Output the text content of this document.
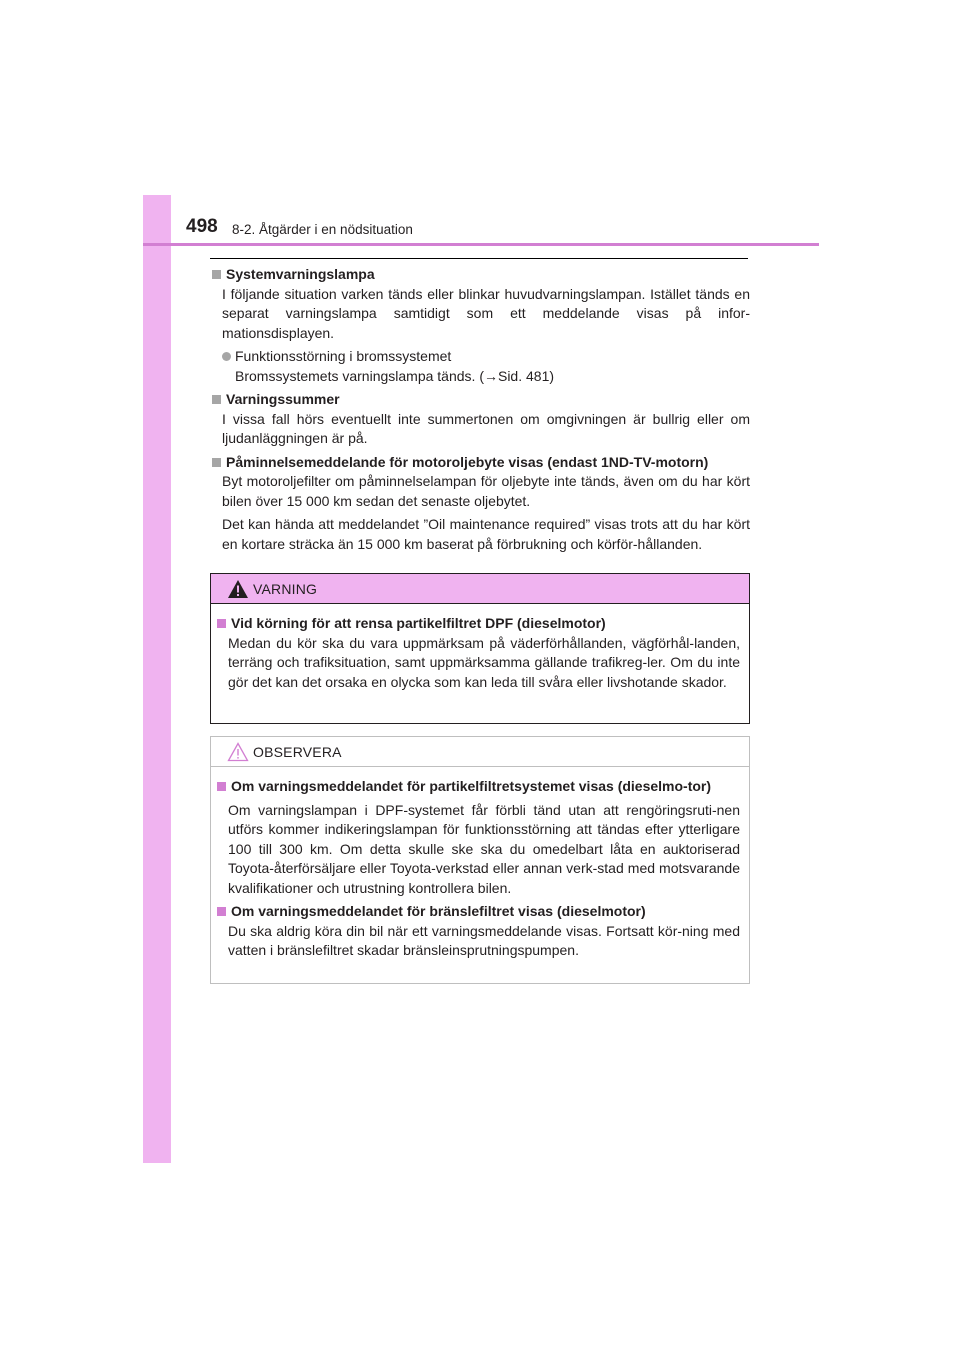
498 8-2. Åtgärder i en nödsituation
Systemvarningslampa

I följande situation varken tänds eller blinkar huvudvarningslampan. Istället tänds en separat varningslampa samtidigt som ett meddelande visas på infor-mationsdisplayen.

Funktionsstörning i bromssystemet

Bromssystemets varningslampa tänds. (→Sid. 481)

Varningssummer

I vissa fall hörs eventuellt inte summertonen om omgivningen är bullrig eller om ljudanläggningen är på.

Påminnelsemeddelande för motoroljebyte visas (endast 1ND-TV-motorn)

Byt motoroljefilter om påminnelselampan för oljebyte inte tänds, även om du har kört bilen över 15 000 km sedan det senaste oljebytet.

Det kan hända att meddelandet ”Oil maintenance required” visas trots att du har kört en kortare sträcka än 15 000 km baserat på förbrukning och körför-hållanden.

VARNING
Vid körning för att rensa partikelfiltret DPF (dieselmotor)

Medan du kör ska du vara uppmärksam på väderförhållanden, vägförhål-landen, terräng och trafiksituation, samt uppmärksamma gällande trafikreg-ler. Om du inte gör det kan det orsaka en olycka som kan leda till svåra eller livshotande skador.

OBSERVERA
Om varningsmeddelandet för partikelfiltretsystemet visas (dieselmo-tor)

Om varningslampan i DPF-systemet får förbli tänd utan att rengöringsruti-nen utförs kommer indikeringslampan för funktionsstörning att tändas efter ytterligare 100 till 300 km. Om detta skulle ske ska du omedelbart låta en auktoriserad Toyota-återförsäljare eller Toyota-verkstad eller annan verk-stad med motsvarande kvalifikationer och utrustning kontrollera bilen.

Om varningsmeddelandet för bränslefiltret visas (dieselmotor)

Du ska aldrig köra din bil när ett varningsmeddelande visas. Fortsatt kör-ning med vatten i bränslefiltret skadar bränsleinsprutningspumpen.
